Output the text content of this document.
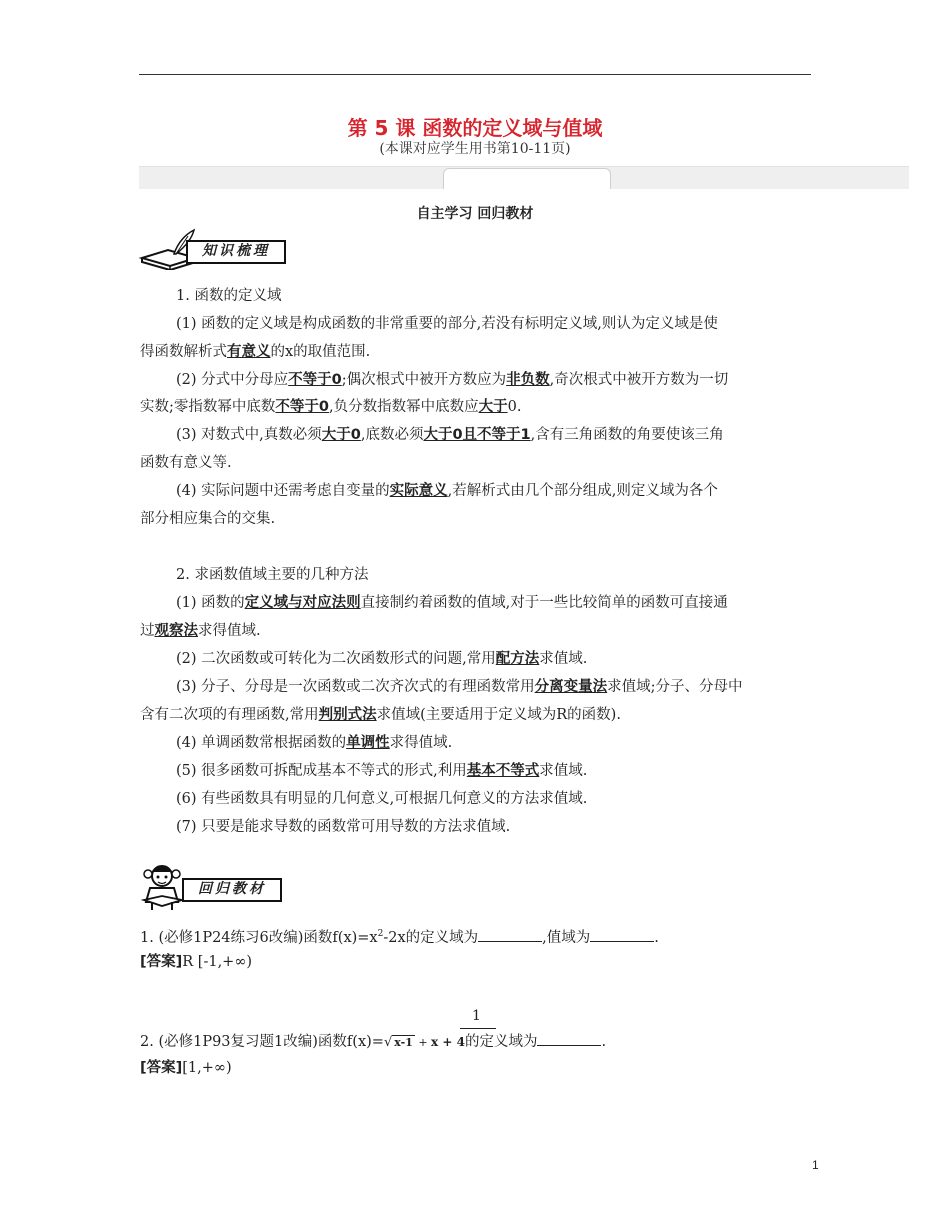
第 5 课 函数的定义域与值域
(本课对应学生用书第10-11页)
自主学习 回归教材
知识梳理
1. 函数的定义域
(1) 函数的定义域是构成函数的非常重要的部分,若没有标明定义域,则认为定义域是使
得函数解析式有意义的x的取值范围.
(2) 分式中分母应不等于0;偶次根式中被开方数应为非负数,奇次根式中被开方数为一切
实数;零指数幂中底数不等于0,负分数指数幂中底数应大于0.
(3) 对数式中,真数必须大于0,底数必须大于0且不等于1,含有三角函数的角要使该三角
函数有意义等.
(4) 实际问题中还需考虑自变量的实际意义,若解析式由几个部分组成,则定义域为各个
部分相应集合的交集.
2. 求函数值域主要的几种方法
(1) 函数的定义域与对应法则直接制约着函数的值域,对于一些比较简单的函数可直接通
过观察法求得值域.
(2) 二次函数或可转化为二次函数形式的问题,常用配方法求值域.
(3) 分子、分母是一次函数或二次齐次式的有理函数常用分离变量法求值域;分子、分母中
含有二次项的有理函数,常用判别式法求值域(主要适用于定义域为R的函数).
(4) 单调函数常根据函数的单调性求得值域.
(5) 很多函数可拆配成基本不等式的形式,利用基本不等式求值域.
(6) 有些函数具有明显的几何意义,可根据几何意义的方法求值域.
(7) 只要是能求导数的函数常可用导数的方法求值域.
回归教材
1. (必修1P24练习6改编)函数$f(x)=x^2-2x$的定义域为	,值域为	.
[答案]R [-1,+∞)
1
2. (必修1P93复习题1改编)函数f(x)=√ x-1 + x + 4的定义域为	.
[答案][1,+∞)
1
